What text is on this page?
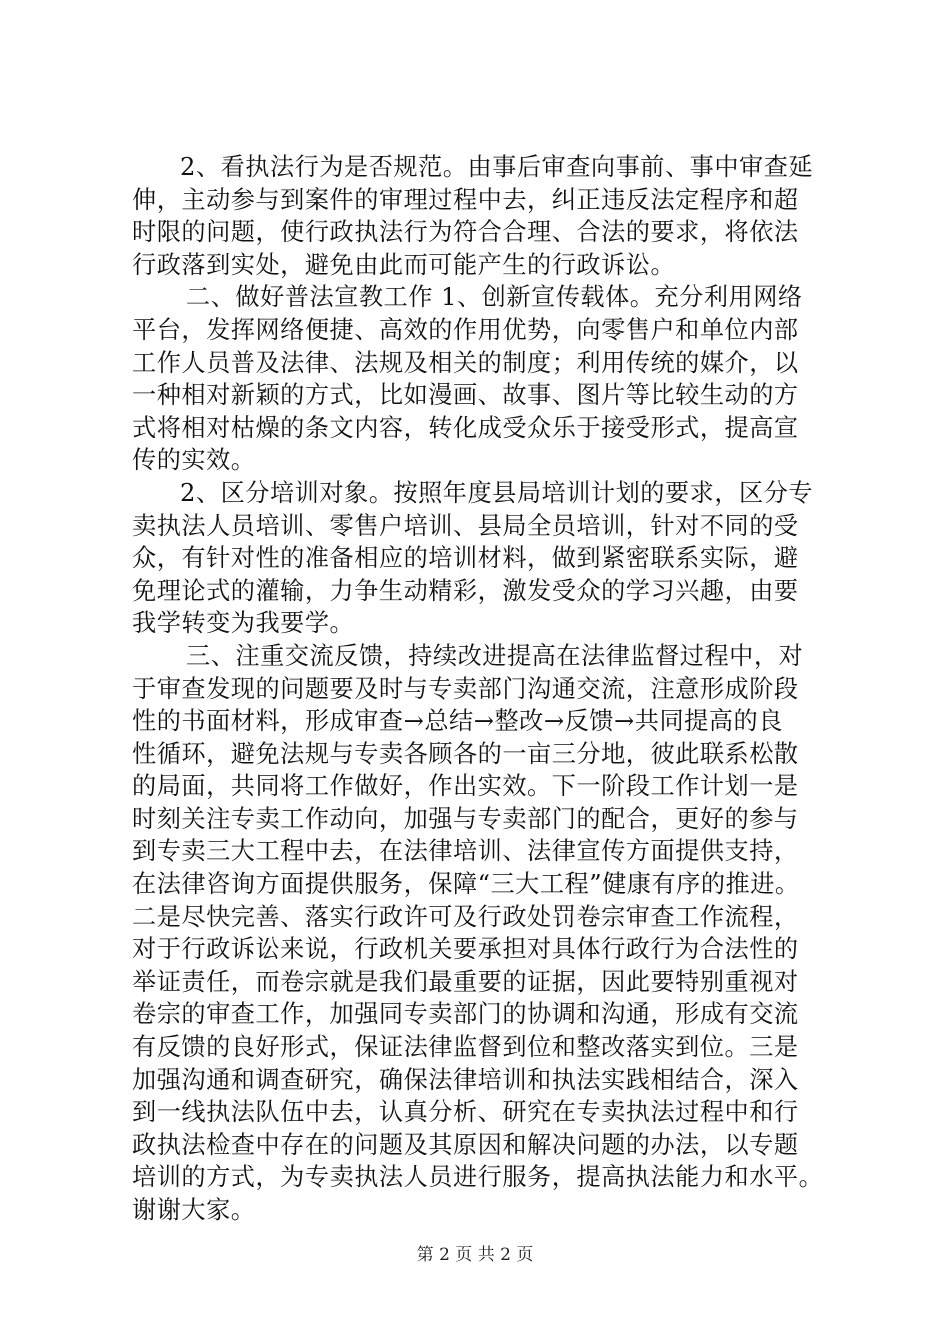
2、看执法行为是否规范。由事后审查向事前、事中审查延
伸，主动参与到案件的审理过程中去，纠正违反法定程序和超
时限的问题，使行政执法行为符合合理、合法的要求，将依法
行政落到实处，避免由此而可能产生的行政诉讼。
二、做好普法宣教工作 1、创新宣传载体。充分利用网络
平台，发挥网络便捷、高效的作用优势，向零售户和单位内部
工作人员普及法律、法规及相关的制度；利用传统的媒介，以
一种相对新颖的方式，比如漫画、故事、图片等比较生动的方
式将相对枯燥的条文内容，转化成受众乐于接受形式，提高宣
传的实效。
2、区分培训对象。按照年度县局培训计划的要求，区分专
卖执法人员培训、零售户培训、县局全员培训，针对不同的受
众，有针对性的准备相应的培训材料，做到紧密联系实际，避
免理论式的灌输，力争生动精彩，激发受众的学习兴趣，由要
我学转变为我要学。
三、注重交流反馈，持续改进提高在法律监督过程中，对
于审查发现的问题要及时与专卖部门沟通交流，注意形成阶段
性的书面材料，形成审查→总结→整改→反馈→共同提高的良
性循环，避免法规与专卖各顾各的一亩三分地，彼此联系松散
的局面，共同将工作做好，作出实效。下一阶段工作计划一是
时刻关注专卖工作动向，加强与专卖部门的配合，更好的参与
到专卖三大工程中去，在法律培训、法律宣传方面提供支持，
在法律咨询方面提供服务，保障“三大工程”健康有序的推进。
二是尽快完善、落实行政许可及行政处罚卷宗审查工作流程，
对于行政诉讼来说，行政机关要承担对具体行政行为合法性的
举证责任，而卷宗就是我们最重要的证据，因此要特别重视对
卷宗的审查工作，加强同专卖部门的协调和沟通，形成有交流
有反馈的良好形式，保证法律监督到位和整改落实到位。三是
加强沟通和调查研究，确保法律培训和执法实践相结合，深入
到一线执法队伍中去，认真分析、研究在专卖执法过程中和行
政执法检查中存在的问题及其原因和解决问题的办法，以专题
培训的方式，为专卖执法人员进行服务，提高执法能力和水平。
谢谢大家。
第 2 页 共 2 页
